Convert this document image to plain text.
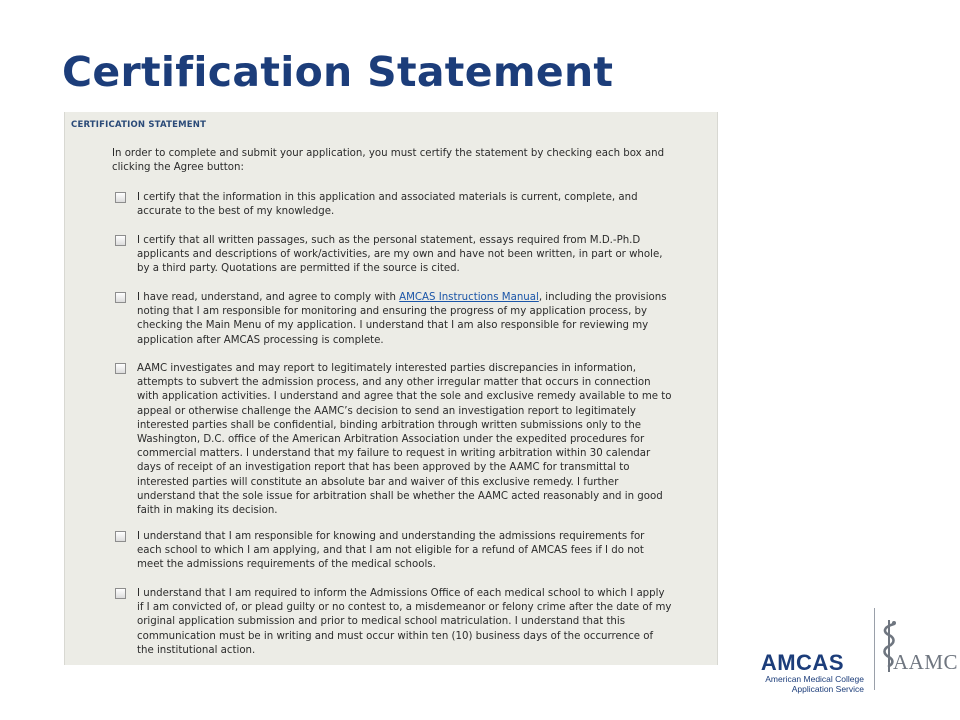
Certification Statement
CERTIFICATION STATEMENT

In order to complete and submit your application, you must certify the statement by checking each box and clicking the Agree button:

I certify that the information in this application and associated materials is current, complete, and accurate to the best of my knowledge.

I certify that all written passages, such as the personal statement, essays required from M.D.-Ph.D applicants and descriptions of work/activities, are my own and have not been written, in part or whole, by a third party. Quotations are permitted if the source is cited.

I have read, understand, and agree to comply with AMCAS Instructions Manual, including the provisions noting that I am responsible for monitoring and ensuring the progress of my application process, by checking the Main Menu of my application. I understand that I am also responsible for reviewing my application after AMCAS processing is complete.

AAMC investigates and may report to legitimately interested parties discrepancies in information, attempts to subvert the admission process, and any other irregular matter that occurs in connection with application activities. I understand and agree that the sole and exclusive remedy available to me to appeal or otherwise challenge the AAMC’s decision to send an investigation report to legitimately interested parties shall be confidential, binding arbitration through written submissions only to the Washington, D.C. office of the American Arbitration Association under the expedited procedures for commercial matters. I understand that my failure to request in writing arbitration within 30 calendar days of receipt of an investigation report that has been approved by the AAMC for transmittal to interested parties will constitute an absolute bar and waiver of this exclusive remedy. I further understand that the sole issue for arbitration shall be whether the AAMC acted reasonably and in good faith in making its decision.

I understand that I am responsible for knowing and understanding the admissions requirements for each school to which I am applying, and that I am not eligible for a refund of AMCAS fees if I do not meet the admissions requirements of the medical schools.

I understand that I am required to inform the Admissions Office of each medical school to which I apply if I am convicted of, or plead guilty or no contest to, a misdemeanor or felony crime after the date of my original application submission and prior to medical school matriculation. I understand that this communication must be in writing and must occur within ten (10) business days of the occurrence of the institutional action.	AMCAS
American Medical College
Application Service
AAMC
